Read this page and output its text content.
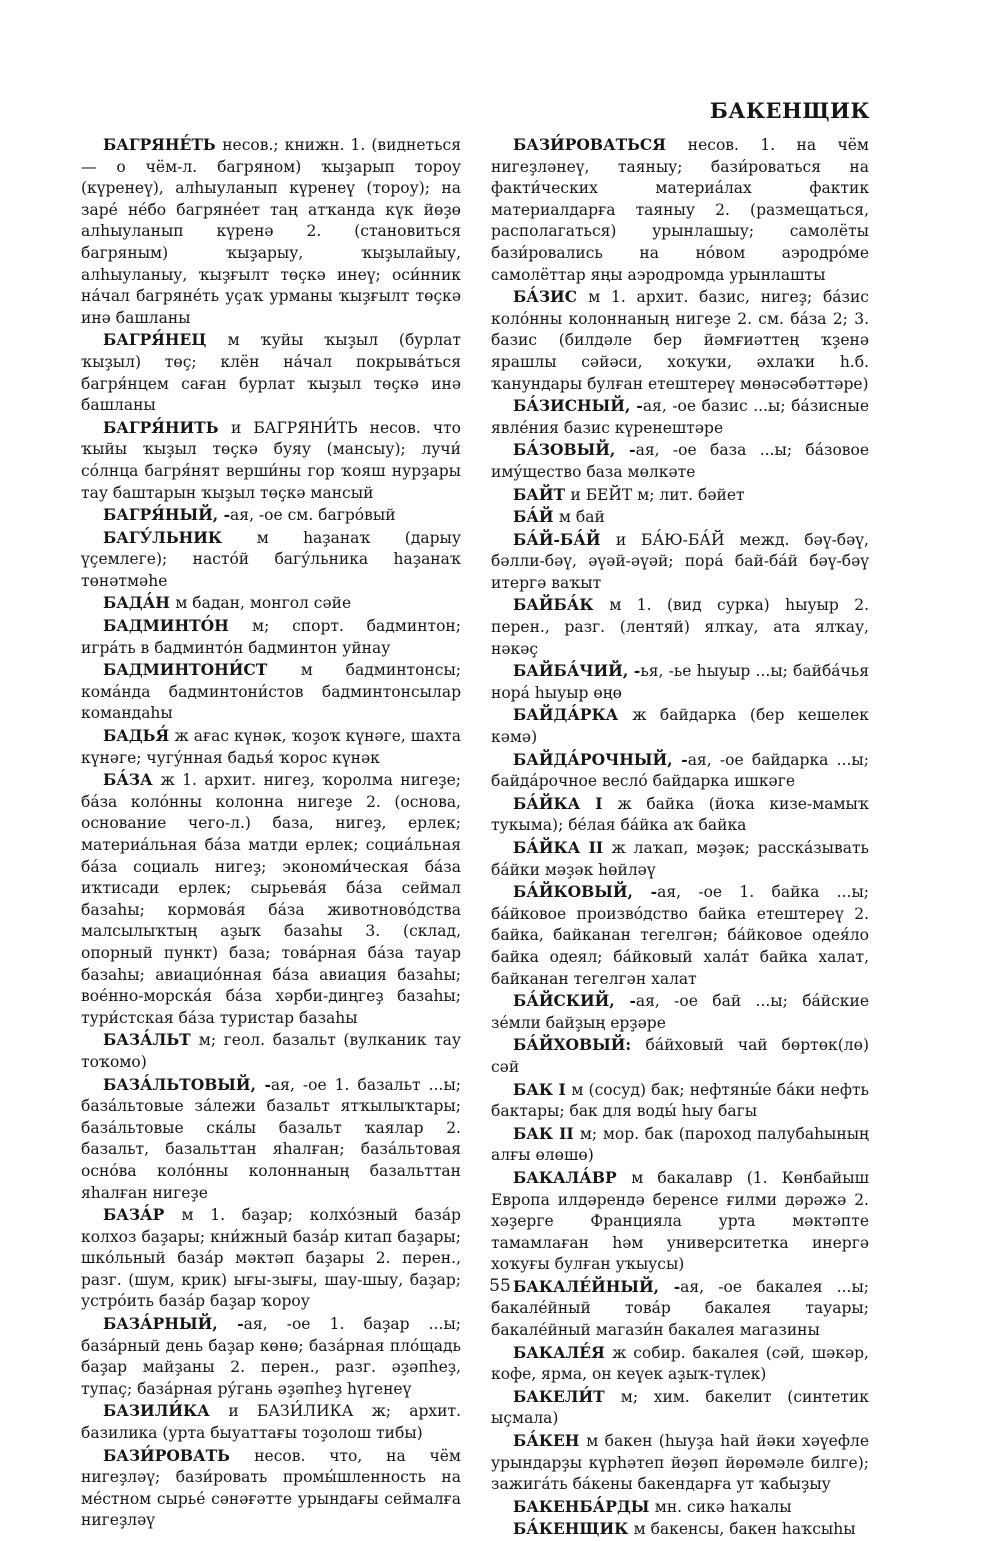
БАКЕНЩИК

БАГРЯНЕ́ТЬ несов.; книжн. 1. (виднеться — о чём-л. багряном) ҡыҙарып тороу (күренеү), алһыуланып күренеү (тороу); на заре́ не́бо багряне́ет таң атҡанда күк йөҙө алһыуланып күренә 2. (становиться багряным) ҡыҙарыу, ҡыҙылайыу, алһыуланыу, ҡыҙғылт төҫкә инеү; оси́нник на́чал багряне́ть уҫаҡ урманы ҡыҙғылт төҫкә инә башланы

БАГРЯ́НЕЦ м ҡуйы ҡыҙыл (бурлат ҡыҙыл) төҫ; клён на́чал покрыва́ться багря́нцем саған бурлат ҡыҙыл төҫкә инә башланы

БАГРЯ́НИТЬ и БАГРЯНИ́ТЬ несов. что ҡыйы ҡыҙыл төҫкә буяу (мансыу); лучи́ со́лнца багря́нят верши́ны гор ҡояш нурҙары тау баштарын ҡыҙыл төҫкә мансый

БАГРЯ́НЫЙ, -ая, -ое см. багро́вый

БАГУ́ЛЬНИК м һаҙанаҡ (дарыу үҫемлеге); насто́й багу́льника һаҙанаҡ төнәтмәһе

БАДА́Н м бадан, монгол сәйе

БАДМИНТО́Н м; спорт. бадминтон; игра́ть в бадминто́н бадминтон уйнау

БАДМИНТОНИ́СТ м бадминтонсы; кома́нда бадминтони́стов бадминтонсылар командаһы

БАДЬЯ́ ж ағас күнәк, ҡоҙоҡ күнәге, шахта күнәге; чугу́нная бадья́ ҡорос күнәк

БА́ЗА ж 1. архит. нигеҙ, ҡоролма нигеҙе; ба́за коло́нны колонна нигеҙе 2. (основа, основание чего-л.) база, нигеҙ, ерлек; материа́льная ба́за матди ерлек; социа́льная ба́за социаль нигеҙ; экономи́ческая ба́за иҡтисади ерлек; сырьева́я ба́за сеймал базаһы; кормова́я ба́за животново́дства малсылыҡтың аҙыҡ базаһы 3. (склад, опорный пункт) база; това́рная ба́за тауар базаһы; авиацио́нная ба́за авиация базаһы; вое́нно-морска́я ба́за хәрби-диңгеҙ базаһы; тури́стская ба́за туристар базаһы

БАЗА́ЛЬТ м; геол. базальт (вулканик тау тоҡомо)

БАЗА́ЛЬТОВЫЙ, -ая, -ое 1. базальт ...ы; база́льтовые за́лежи базальт ятҡылыҡтары; база́льтовые ска́лы базальт ҡаялар 2. базальт, базальттан яһалған; база́льтовая осно́ва коло́нны колоннаның базальттан яһалған нигеҙе

БАЗА́Р м 1. баҙар; колхо́зный база́р колхоз баҙары; кни́жный база́р китап баҙары; шко́льный база́р мәктәп баҙары 2. перен., разг. (шум, крик) ығы-зығы, шау-шыу, баҙар; устро́ить база́р баҙар ҡороу

БАЗА́РНЫЙ, -ая, -ое 1. баҙар ...ы; база́рный день баҙар көнө; база́рная пло́щадь баҙар майҙаны 2. перен., разг. әҙәпһеҙ, тупаҫ; база́рная ру́гань әҙәпһеҙ һүгенеү

БАЗИЛИ́КА и БАЗИ́ЛИКА ж; архит. базилика (урта быуаттағы тоҙолош тибы)

БАЗИ́РОВАТЬ несов. что, на чём нигеҙләү; бази́ровать промы́шленность на ме́стном сырье́ сәнәғәтте урындағы сеймалға нигеҙләү

БАЗИ́РОВАТЬСЯ несов. 1. на чём нигеҙләнеү, таяныу; бази́роваться на факти́ческих материа́лах фактик материалдарға таяныу 2. (размещаться, располагаться) урынлашыу; самолёты бази́ровались на но́вом аэродро́ме самолёттар яңы аэродромда урынлашты

БА́ЗИС м 1. архит. базис, нигеҙ; ба́зис коло́нны колоннаның нигеҙе 2. см. ба́за 2; 3. базис (билдәле бер йәмғиәттең ҡҙенә ярашлы сәйәси, хоҡуҡи, әхлаҡи һ.б. ҡанундары булған етештереү мөнәсәбәттәре)

БА́ЗИСНЫЙ, -ая, -ое базис ...ы; ба́зисные явле́ния базис күренештәре

БА́ЗОВЫЙ, -ая, -ое база ...ы; ба́зовое иму́щество база мөлкәте

БАЙТ и БЕЙТ м; лит. бәйет

БА́Й м бай

БА́Й-БА́Й и БА́Ю-БА́Й межд. бәү-бәү, бәлли-бәү, әүәй-әүәй; пора́ бай-ба́й бәү-бәү итергә ваҡыт

БАЙБА́К м 1. (вид сурка) һыуыр 2. перен., разг. (лентяй) ялҡау, ата ялҡау, нәкәҫ

БАЙБА́ЧИЙ, -ья, -ье һыуыр ...ы; байба́чья нора́ һыуыр өңө

БАЙДА́РКА ж байдарка (бер кешелек кәмә)

БАЙДА́РОЧНЫЙ, -ая, -ое байдарка ...ы; байда́рочное весло́ байдарка ишкәге

БА́ЙКА I ж байка (йоҡа кизе-мамыҡ тукыма); бе́лая ба́йка аҡ байка

БА́ЙКА II ж лаҡап, мәҙәк; расска́зывать ба́йки мәҙәк һөйләү

БА́ЙКОВЫЙ, -ая, -ое 1. байка ...ы; ба́йковое произво́дство байка етештереү 2. байка, байканан тегелгән; ба́йковое одея́ло байка одеял; ба́йковый хала́т байка халат, байканан тегелгән халат

БА́ЙСКИЙ, -ая, -ое бай ...ы; ба́йские зе́мли байҙың ерҙәре

БА́ЙХОВЫЙ: ба́йховый чай бөртөк(лө) сәй

БАК I м (сосуд) бак; нефтяны́е ба́ки нефть бактары; бак для воды́ һыу багы

БАК II м; мор. бак (пароход палубаһының алғы өлөшө)

БАКАЛА́ВР м бакалавр (1. Көнбайыш Европа илдәрендә беренсе ғилми дәрәжә 2. хәҙерге Францияла урта мәктәпте тамамлаған һәм университетка инергә хоҡуғы булған уҡыусы)

БАКАЛЕ́ЙНЫЙ, -ая, -ое бакалея ...ы; бакале́йный това́р бакалея тауары; бакале́йный магази́н бакалея магазины

БАКАЛЕ́Я ж собир. бакалея (сәй, шәкәр, кофе, ярма, он кеүек аҙыҡ-түлек)

БАКЕЛИ́Т м; хим. бакелит (синтетик ыҫмала)

БА́КЕН м бакен (һыуҙа һай йәки хәүефле урындарҙы күрһәтеп йөҙөп йөрөмәле билге); зажига́ть ба́кены бакендарға ут ҡабыҙыу

БАКЕНБА́РДЫ мн. сикә һаҡалы

БА́КЕНЩИК м бакенсы, бакен һаҡсыһы

55
